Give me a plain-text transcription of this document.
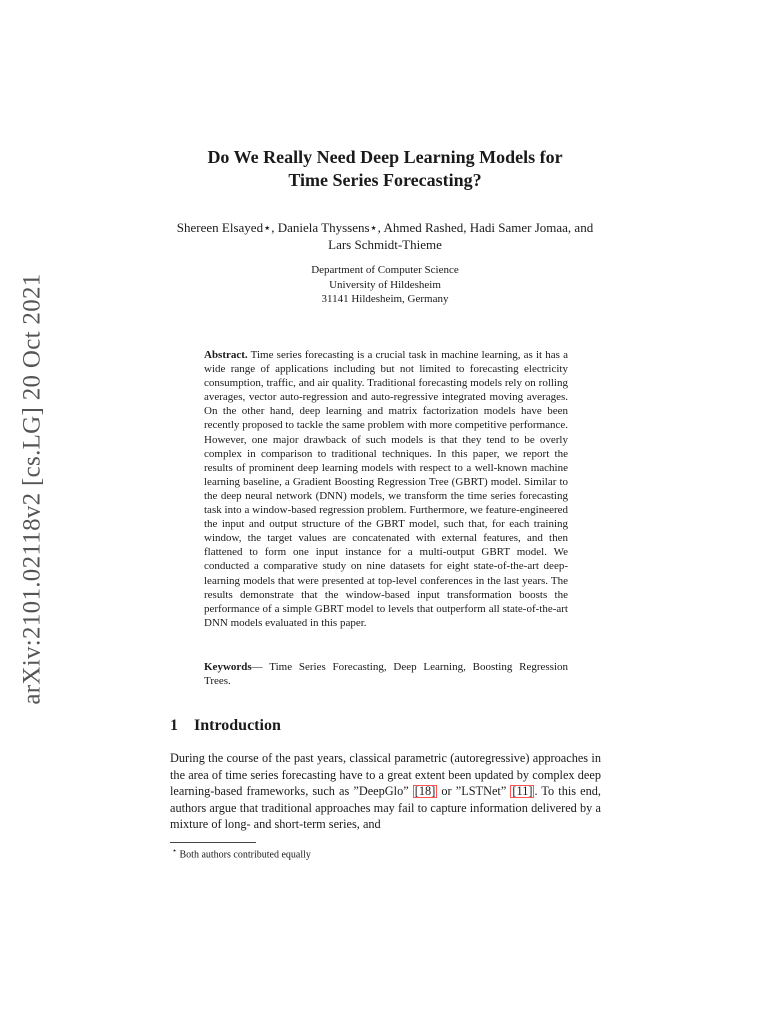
arXiv:2101.02118v2 [cs.LG] 20 Oct 2021
Do We Really Need Deep Learning Models for
Time Series Forecasting?

Shereen Elsayed⋆, Daniela Thyssens⋆, Ahmed Rashed, Hadi Samer Jomaa, and
Lars Schmidt-Thieme

Department of Computer Science
University of Hildesheim
31141 Hildesheim, Germany

Abstract. Time series forecasting is a crucial task in machine learning, as it has a wide range of applications including but not limited to forecasting electricity consumption, traffic, and air quality. Traditional forecasting models rely on rolling averages, vector auto-regression and auto-regressive integrated moving averages. On the other hand, deep learning and matrix factorization models have been recently proposed to tackle the same problem with more competitive performance. However, one major drawback of such models is that they tend to be overly complex in comparison to traditional techniques. In this paper, we report the results of prominent deep learning models with respect to a well-known machine learning baseline, a Gradient Boosting Regression Tree (GBRT) model. Similar to the deep neural network (DNN) models, we transform the time series forecasting task into a window-based regression problem. Furthermore, we feature-engineered the input and output structure of the GBRT model, such that, for each training window, the target values are concatenated with external features, and then flattened to form one input instance for a multi-output GBRT model. We conducted a comparative study on nine datasets for eight state-of-the-art deep-learning models that were presented at top-level conferences in the last years. The results demonstrate that the window-based input transformation boosts the performance of a simple GBRT model to levels that outperform all state-of-the-art DNN models evaluated in this paper.

Keywords— Time Series Forecasting, Deep Learning, Boosting Regression Trees.

1 Introduction

During the course of the past years, classical parametric (autoregressive) approaches in the area of time series forecasting have to a great extent been updated by complex deep learning-based frameworks, such as ”DeepGlo” [18] or ”LSTNet” [11] . To this end, authors argue that traditional approaches may fail to capture information delivered by a mixture of long- and short-term series, and

⋆ Both authors contributed equally
